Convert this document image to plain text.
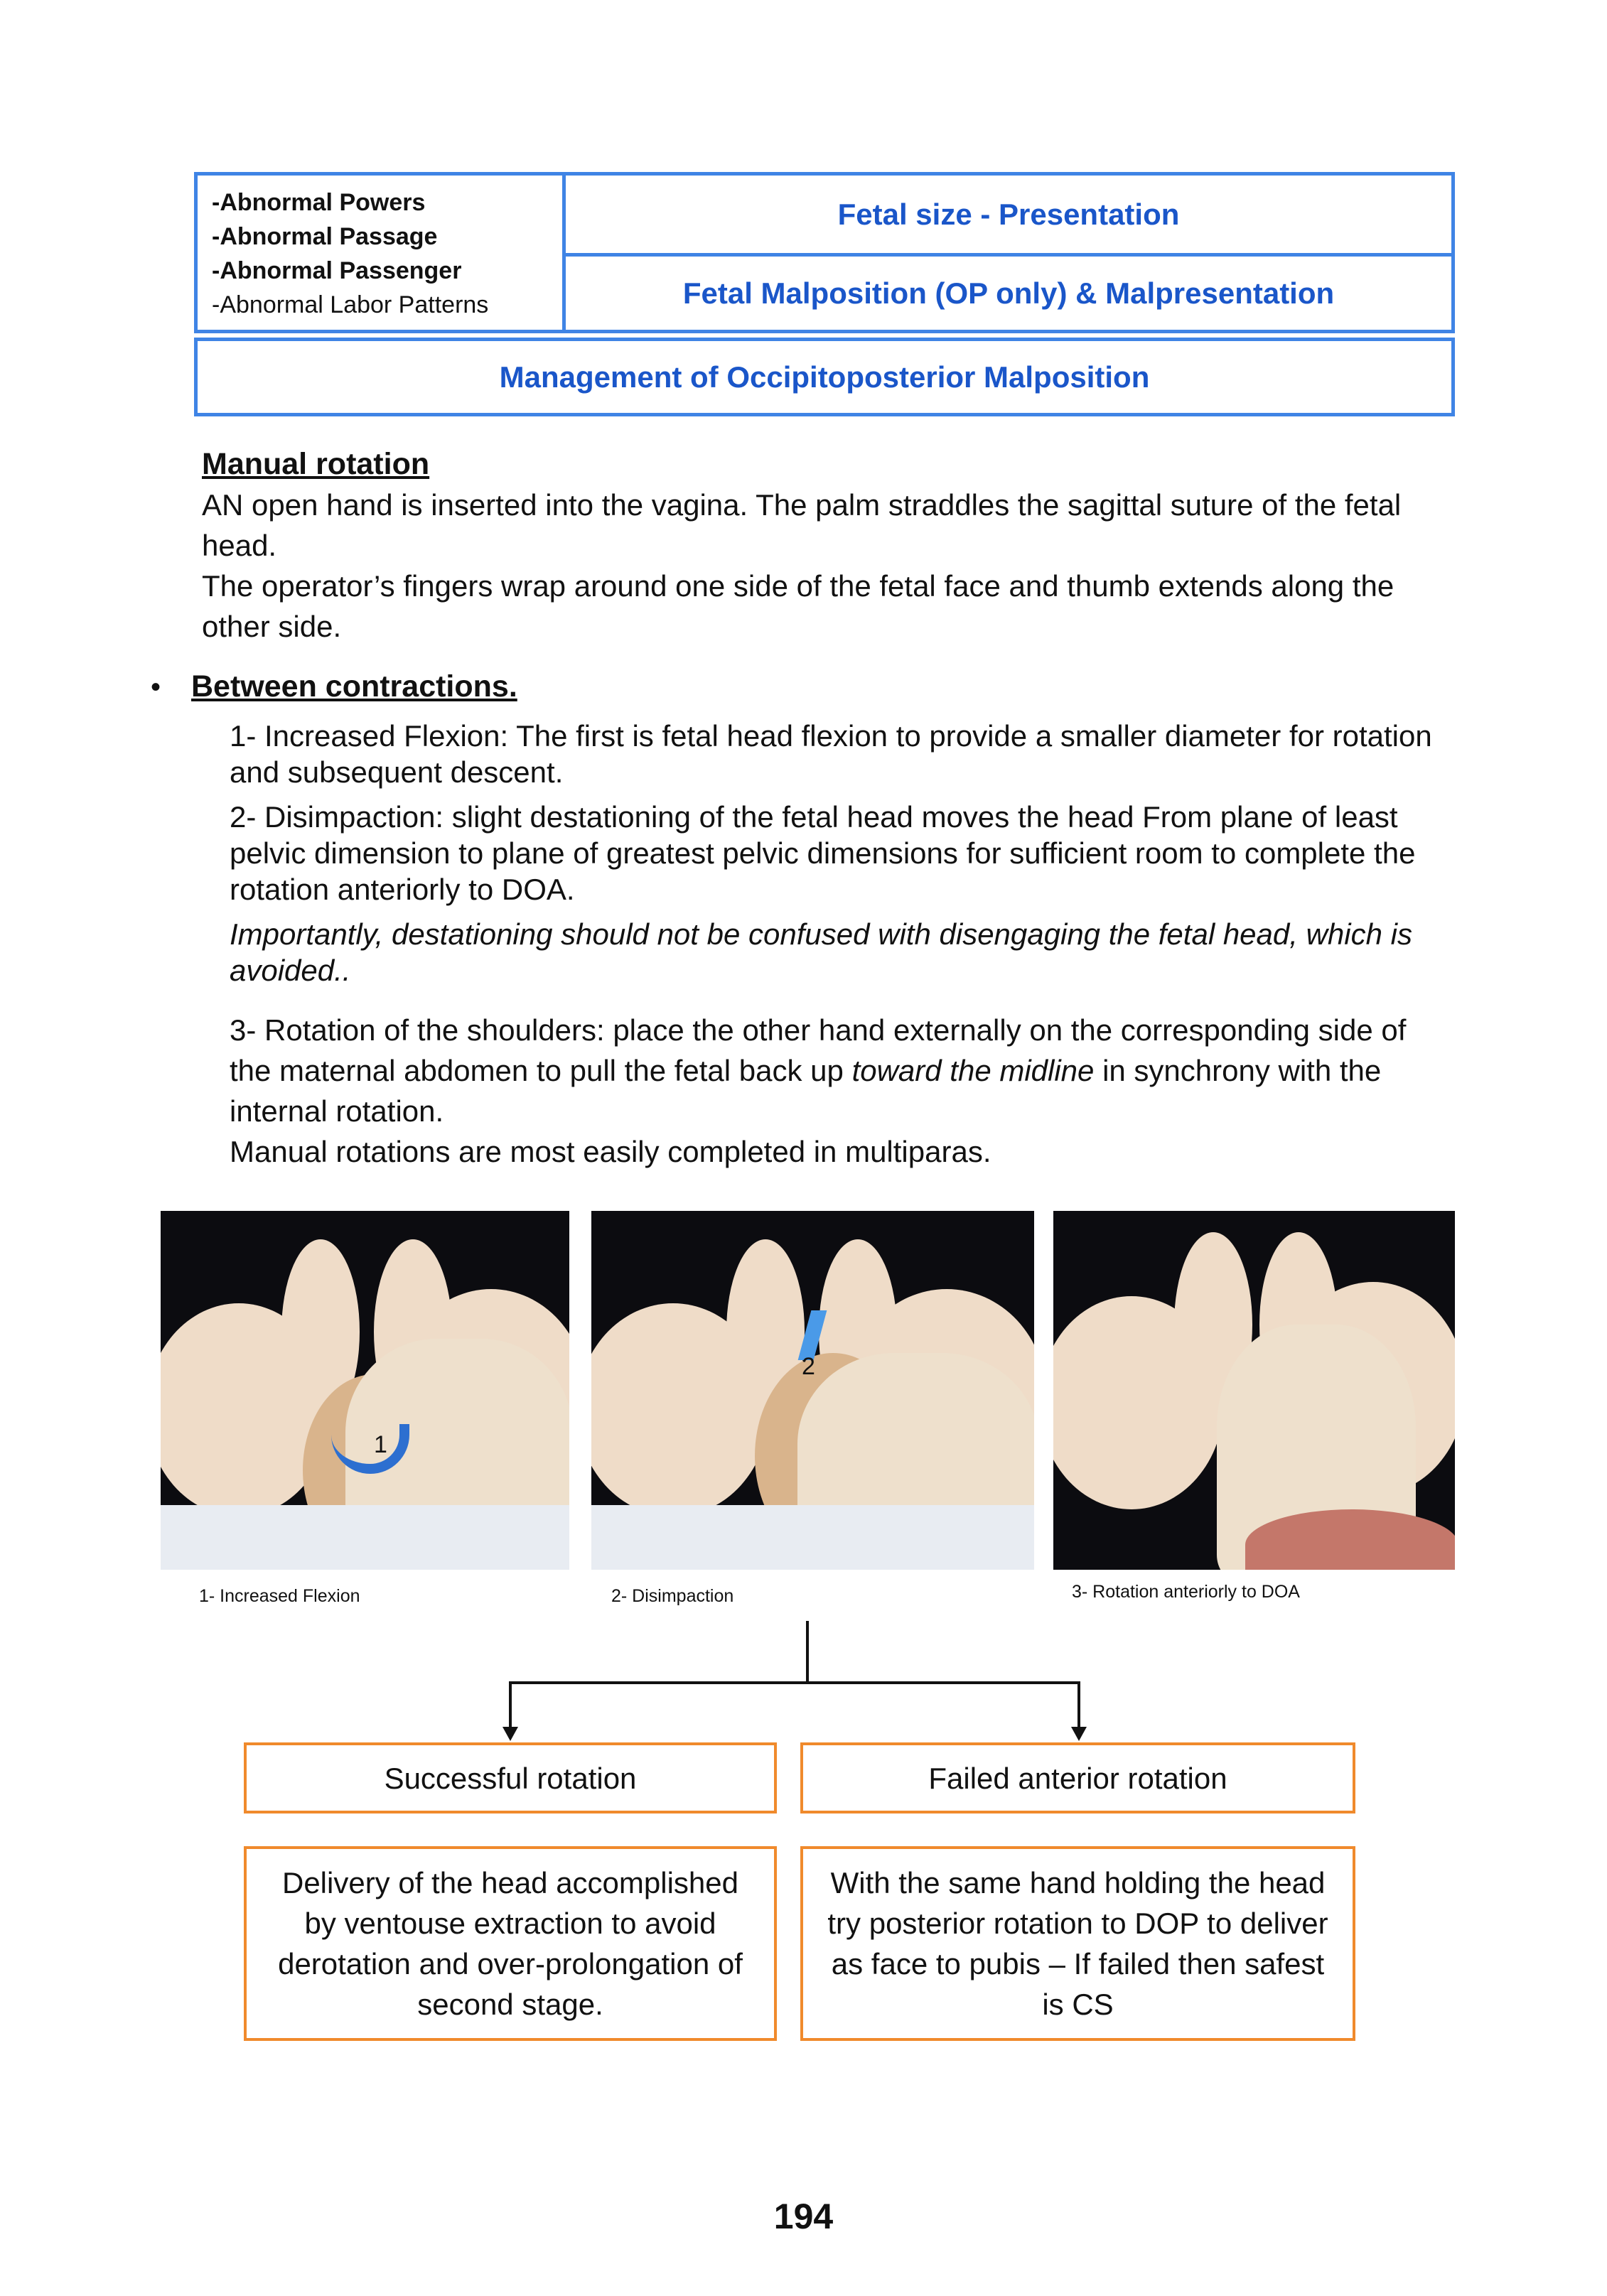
-Abnormal Powers
-Abnormal Passage
-Abnormal Passenger
-Abnormal Labor Patterns
Fetal size - Presentation
Fetal Malposition (OP only) & Malpresentation
Management of Occipitoposterior Malposition
Manual rotation
AN open hand is inserted into the vagina. The palm straddles the sagittal suture of the fetal head.
The operator’s fingers wrap around one side of the fetal face and thumb extends along the other side.
• Between contractions.
1- Increased Flexion: The first is fetal head flexion to provide a smaller diameter for rotation and subsequent descent.
2- Disimpaction: slight destationing of the fetal head moves the head From plane of least pelvic dimension to plane of greatest pelvic dimensions for sufficient room to complete the rotation anteriorly to DOA.
Importantly, destationing should not be confused with disengaging the fetal head, which is avoided..
3- Rotation of the shoulders: place the other hand externally on the corresponding side of the maternal abdomen to pull the fetal back up toward the midline in synchrony with the internal rotation.
Manual rotations are most easily completed in multiparas.
1
2
1- Increased Flexion	2- Disimpaction	3- Rotation anteriorly to DOA
Successful rotation	Failed anterior rotation
Delivery of the head accomplished by ventouse extraction to avoid derotation and over-prolongation of second stage.
With the same hand holding the head try posterior rotation to DOP to deliver as face to pubis – If failed then safest is CS
194
